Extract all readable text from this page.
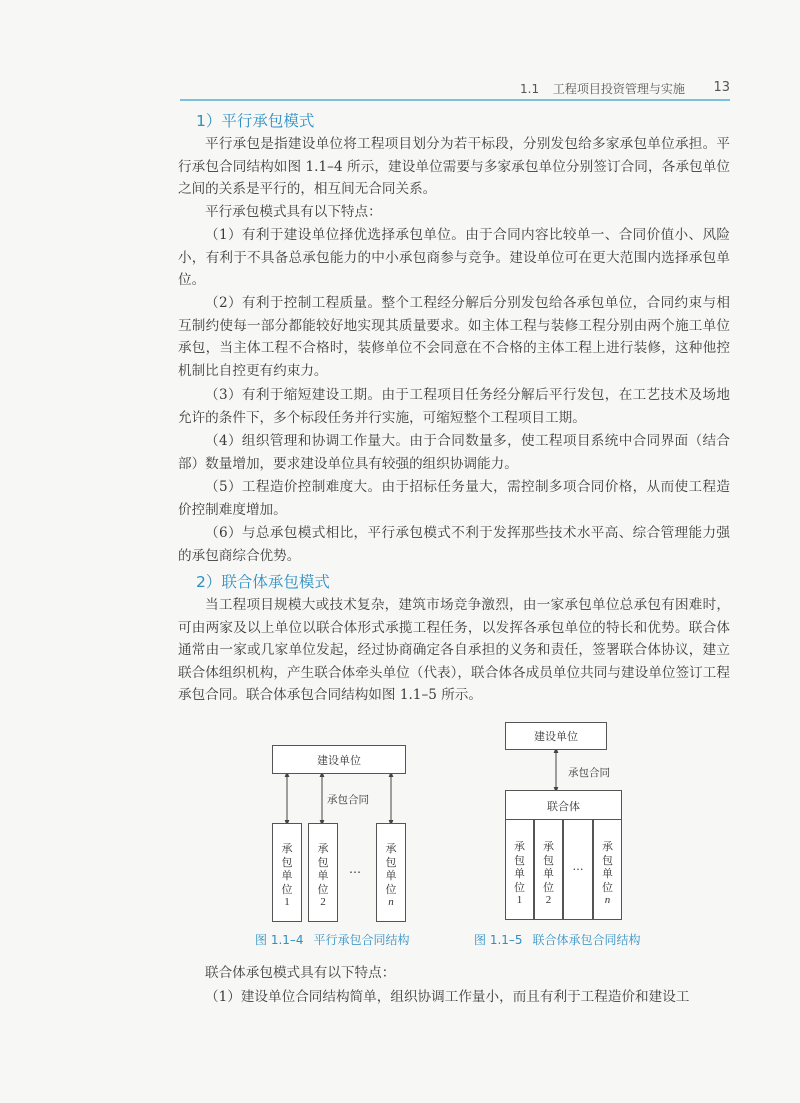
1.1 工程项目投资管理与实施 13
1）平行承包模式

平行承包是指建设单位将工程项目划分为若干标段，分别发包给多家承包单位承担。平行承包合同结构如图 1.1–4 所示，建设单位需要与多家承包单位分别签订合同，各承包单位之间的关系是平行的，相互间无合同关系。

平行承包模式具有以下特点：

（1）有利于建设单位择优选择承包单位。由于合同内容比较单一、合同价值小、风险小，有利于不具备总承包能力的中小承包商参与竞争。建设单位可在更大范围内选择承包单位。

（2）有利于控制工程质量。整个工程经分解后分别发包给各承包单位，合同约束与相互制约使每一部分都能较好地实现其质量要求。如主体工程与装修工程分别由两个施工单位承包，当主体工程不合格时，装修单位不会同意在不合格的主体工程上进行装修，这种他控机制比自控更有约束力。

（3）有利于缩短建设工期。由于工程项目任务经分解后平行发包，在工艺技术及场地允许的条件下，多个标段任务并行实施，可缩短整个工程项目工期。

（4）组织管理和协调工作量大。由于合同数量多，使工程项目系统中合同界面（结合部）数量增加，要求建设单位具有较强的组织协调能力。

（5）工程造价控制难度大。由于招标任务量大，需控制多项合同价格，从而使工程造价控制难度增加。

（6）与总承包模式相比，平行承包模式不利于发挥那些技术水平高、综合管理能力强的承包商综合优势。

2）联合体承包模式

当工程项目规模大或技术复杂，建筑市场竞争激烈，由一家承包单位总承包有困难时，可由两家及以上单位以联合体形式承揽工程任务，以发挥各承包单位的特长和优势。联合体通常由一家或几家单位发起，经过协商确定各自承担的义务和责任，签署联合体协议，建立联合体组织机构，产生联合体牵头单位（代表），联合体各成员单位共同与建设单位签订工程承包合同。联合体承包合同结构如图 1.1–5 所示。

建设单位
承包合同
承
包
单
位
1
承
包
单
位
2
…
承
包
单
位
n
图 1.1–4 平行承包合同结构
建设单位
承包合同
联合体
承
包
单
位
1
承
包
单
位
2
…
承
包
单
位
n
图 1.1–5 联合体承包合同结构

联合体承包模式具有以下特点：

（1）建设单位合同结构简单，组织协调工作量小，而且有利于工程造价和建设工
